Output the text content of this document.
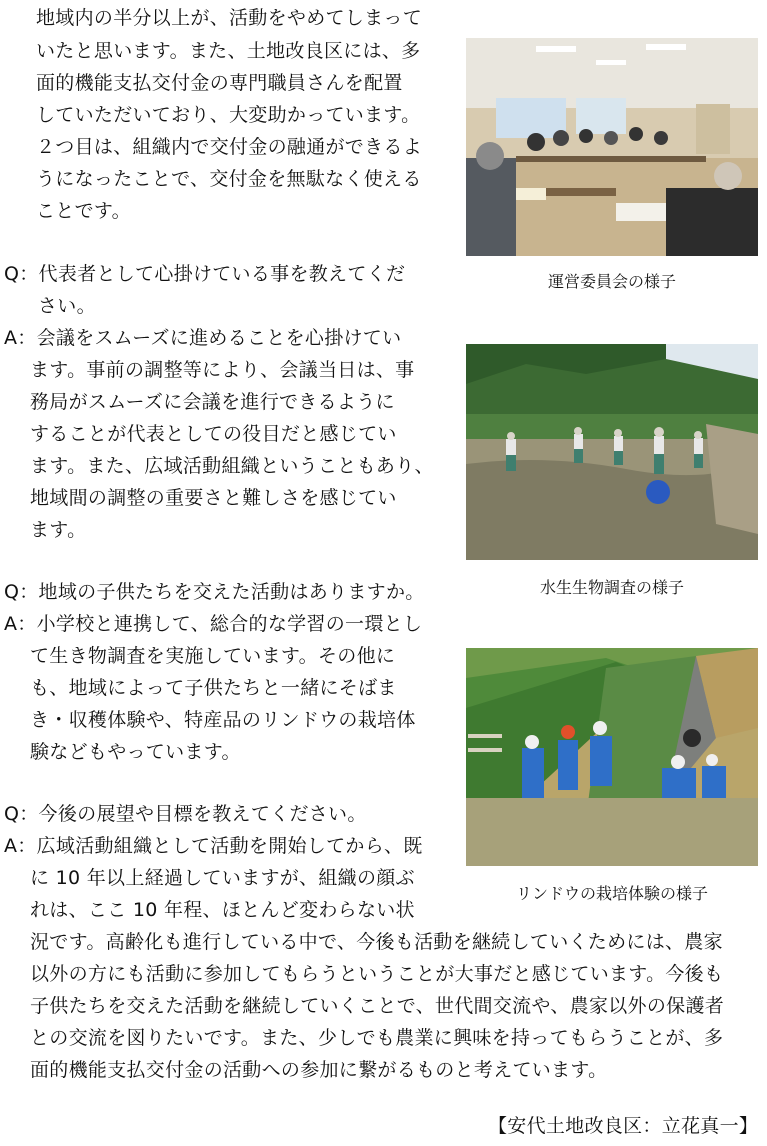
地域内の半分以上が、活動をやめてしまって
いたと思います。また、土地改良区には、多
面的機能支払交付金の専門職員さんを配置
していただいており、大変助かっています。
２つ目は、組織内で交付金の融通ができるよ
うになったことで、交付金を無駄なく使える
ことです。
Q：代表者として心掛けている事を教えてくだ
さい。
A：会議をスムーズに進めることを心掛けてい
ます。事前の調整等により、会議当日は、事
務局がスムーズに会議を進行できるように
することが代表としての役目だと感じてい
ます。また、広域活動組織ということもあり、
地域間の調整の重要さと難しさを感じてい
ます。
Q：地域の子供たちを交えた活動はありますか。
A：小学校と連携して、総合的な学習の一環とし
て生き物調査を実施しています。その他に
も、地域によって子供たちと一緒にそばま
き・収穫体験や、特産品のリンドウの栽培体
験などもやっています。
Q：今後の展望や目標を教えてください。
A：広域活動組織として活動を開始してから、既
に 10 年以上経過していますが、組織の顔ぶ
れは、ここ 10 年程、ほとんど変わらない状
況です。高齢化も進行している中で、今後も活動を継続していくためには、農家
以外の方にも活動に参加してもらうということが大事だと感じています。今後も
子供たちを交えた活動を継続していくことで、世代間交流や、農家以外の保護者
との交流を図りたいです。また、少しでも農業に興味を持ってもらうことが、多
面的機能支払交付金の活動への参加に繋がるものと考えています。
【安代土地改良区：立花真一】
運営委員会の様子
水生生物調査の様子
リンドウの栽培体験の様子
